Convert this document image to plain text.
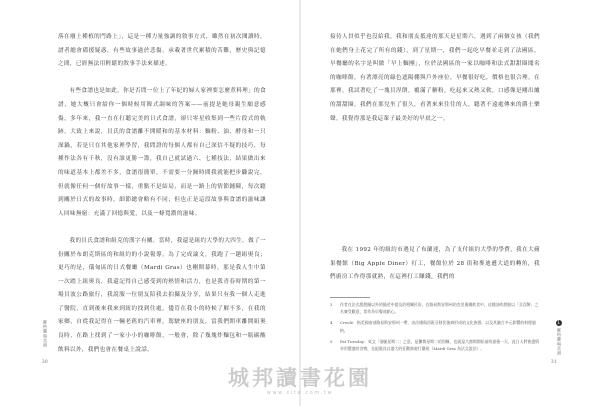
落在廢土種植的門路上」，這是一種力量強調的敘事方式，雖然在初次閱讀時，譜者總會備援疑惑，有些故事過於悲傷，承載著世代累積的苦難，歷史與記憶之間，已經無法用輕鬆的敘事手法來描述。

有些食譜也是如此，你是否問一位上了年紀的婦人家裡要怎麼煮料理」的食譜，她大概只會給你一個時候用韓式調味的答案——前提是她母親生願意感傷，多年來，我一直在打聽完美的日式食譜，卻只零星收集到一些片段式的軌跡，大致上來說，貝氏的食譜離不開暖和的基本材料：麵粉、油、酵母和一只深鍋，若是只在其他家裡學習，我問證的每個人都有自己深信不疑的技巧，每種作法各有千秋，沒有誰更勝一籌，我自己就試過六、七種技法，結果做出來的味道基本上都差不多，食譜很簡單，不需要一分鐘時間我就能把步驟說完，但就像任何一個好故事一樣，重點不是結局，而是一路上的情節鋪陳，每次聽到關於日式的故事時，細節總會略有不同；但也正是這段故事與食譜的滋味讓人回味無窮：充滿了回憶與愛，以及一條寬濃的滋味。

我的貝氏食譜和組克的漢字有關，當時，我還是組約大學的大四生，做了一份關於布朗克斯區的和組約的小說報導，為了完成論文，我跑了一趟組奧良；更巧的是，儀甸區的日式餐廳（Mardi Gras）也剛開幕時，那是我人生中第一次踏上組奧良，我還記得自己感受到的熱情和活力，也是我青春時期的第一場貝波公路旅行，我說服一位朋友陪我去拍攝及分享，結果只有我一個人走進了醫院，直到後來我來到紐約找到住處，儘管在我小的時候了解不多，在我的家鄉，自從我記得在一輛老舊的汽車裡，駕駛座的朋友，當我們開車離開組奧良時，在路上找到了一家小小的咖啡館，一般會，除了幾塊炸麵包和一瓶碳酸飲料以外，我們也會在餐桌上說話。

蘇格蘭與美洲
30

接待人員似乎也沒給我，我和朋友抵達的那天是星期六，遇到了兩個女孩（我們在她們身上花完了所有的錢），到了星期一，我們一起吃早餐並走到了法國區，早餐廳的名字是叫做「早上麵團」，位於法國區的一家以咖啡和法式甜甜圈聞名的咖啡館，有著漂亮的綠色遮陽棚與戶外座位，早餐很好吃，價格也很合理。在那裡，我試著吃了一塊貝涅餅，覆滿了糖粉，吃起來又熱又軟，口感像是剛出爐的甜甜圈。我們在那兒坐了很久，看著來來往往的人，聽著不遠處傳來的爵士樂聲。我覺得那是我這輩子最美好的早晨之一。

我在 1992 年的組約市遇見了布蘭達，為了支付組約大學的學費，我在大蘋果餐館（Big Apple Diner）打工，餐館位於 28 街和麥迪遜大道的轉角，我們廚房工作得那就熟，在這裡打工賺錢，我們的

3	作者在法式甜甜圈以外的描述中提及的相關民俗，在路易斯安那州的克里奧爾飲食中，這種油炸甜點以「貝涅餅」之名廣受歡迎，常作為早餐或點心。
4	Creole：指美國南部路易斯安那州一帶，由法國與西班牙移民後裔形成的文化族群，以及其融合多元影響的料理風格。
5	Fat Tuesday：英文「油膩星期二」之意，是懺悔星期二的別稱，也就是大齋期開始前的最後一天，此日人們會盡情享用豐盛的食物，在組奧良以盛大的狂歡節遊行慶祝（Mardi Gras 為法文說法）。
1
蘇格蘭與美洲
31
城邦讀書花園
www.cite.com.tw
